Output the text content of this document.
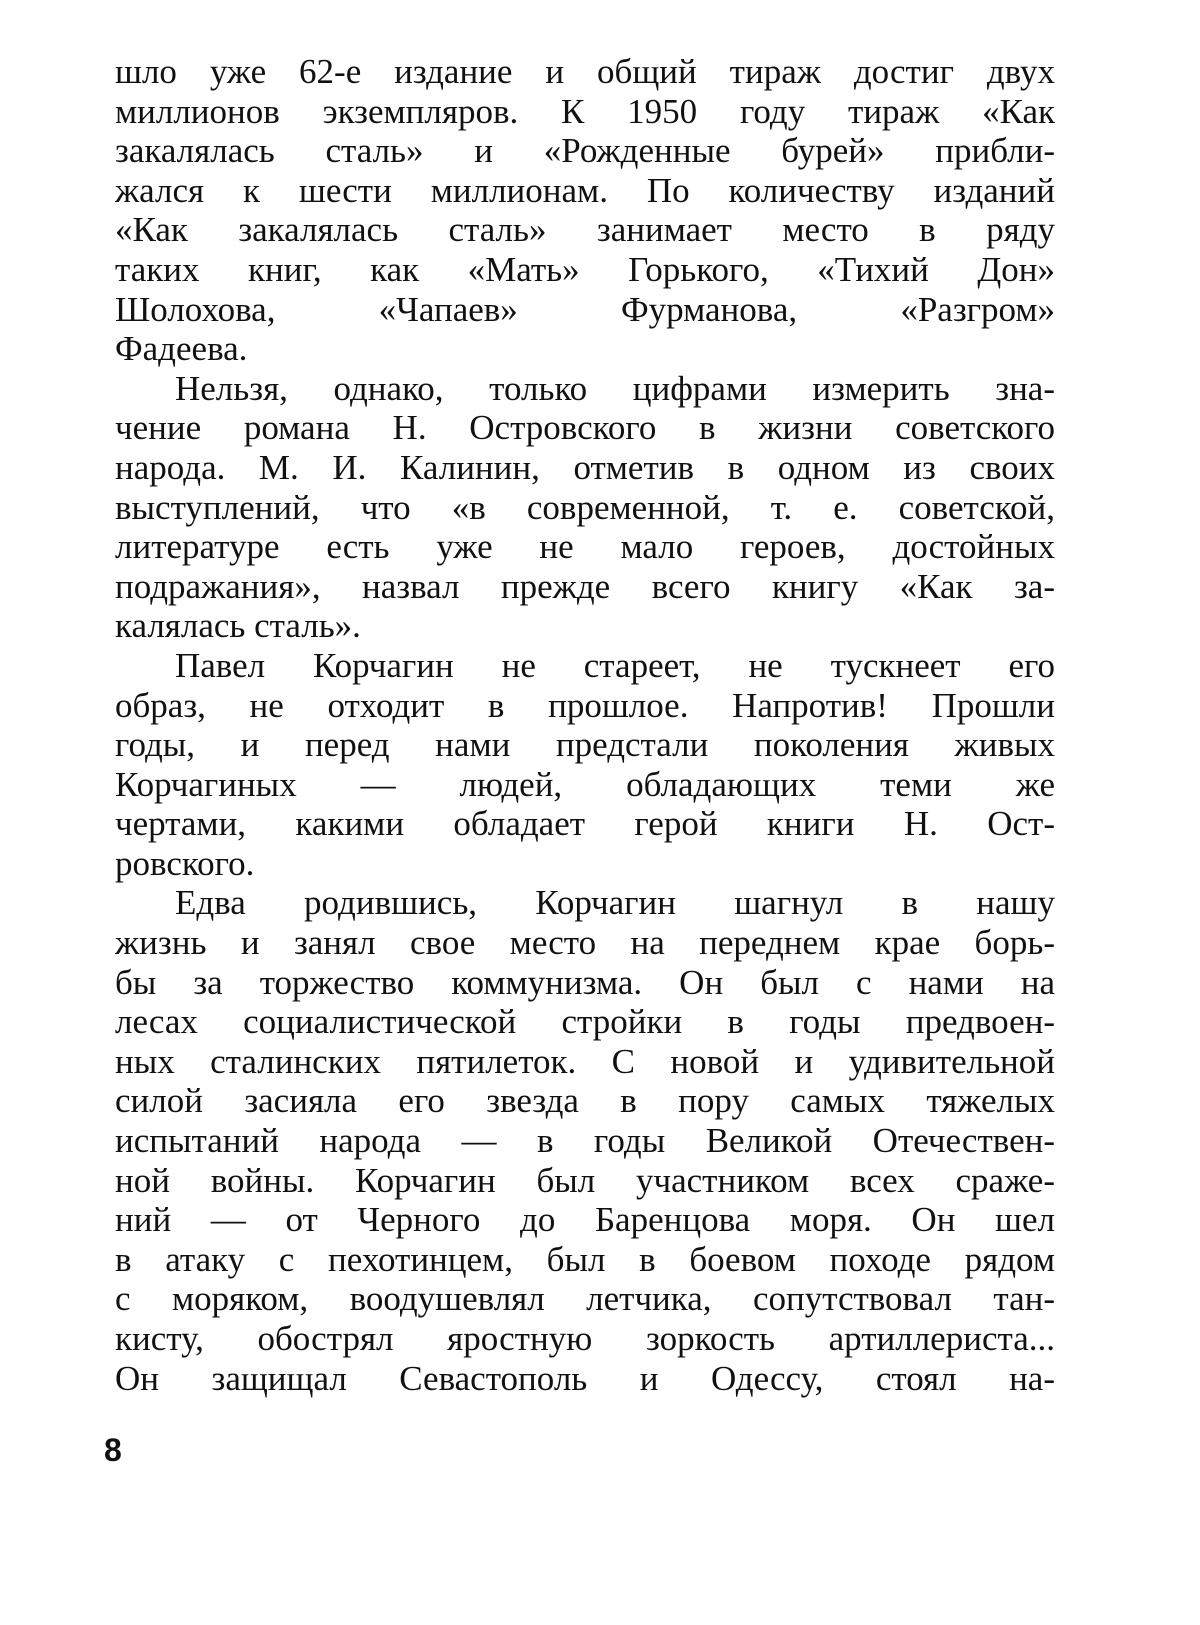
шло уже 62-е издание и общий тираж достиг двух
миллионов экземпляров. К 1950 году тираж «Как
закалялась сталь» и «Рожденные бурей» прибли-
жался к шести миллионам. По количеству изданий
«Как закалялась сталь» занимает место в ряду
таких книг, как «Мать» Горького, «Тихий Дон»
Шолохова, «Чапаев» Фурманова, «Разгром»
Фадеева.
Нельзя, однако, только цифрами измерить зна-
чение романа Н. Островского в жизни советского
народа. М. И. Калинин, отметив в одном из своих
выступлений, что «в современной, т. е. советской,
литературе есть уже не мало героев, достойных
подражания», назвал прежде всего книгу «Как за-
калялась сталь».
Павел Корчагин не стареет, не тускнеет его
образ, не отходит в прошлое. Напротив! Прошли
годы, и перед нами предстали поколения живых
Корчагиных — людей, обладающих теми же
чертами, какими обладает герой книги Н. Ост-
ровского.
Едва родившись, Корчагин шагнул в нашу
жизнь и занял свое место на переднем крае борь-
бы за торжество коммунизма. Он был с нами на
лесах социалистической стройки в годы предвоен-
ных сталинских пятилеток. С новой и удивительной
силой засияла его звезда в пору самых тяжелых
испытаний народа — в годы Великой Отечествен-
ной войны. Корчагин был участником всех сраже-
ний — от Черного до Баренцова моря. Он шел
в атаку с пехотинцем, был в боевом походе рядом
с моряком, воодушевлял летчика, сопутствовал тан-
кисту, обострял яростную зоркость артиллериста...
Он защищал Севастополь и Одессу, стоял на-
8
